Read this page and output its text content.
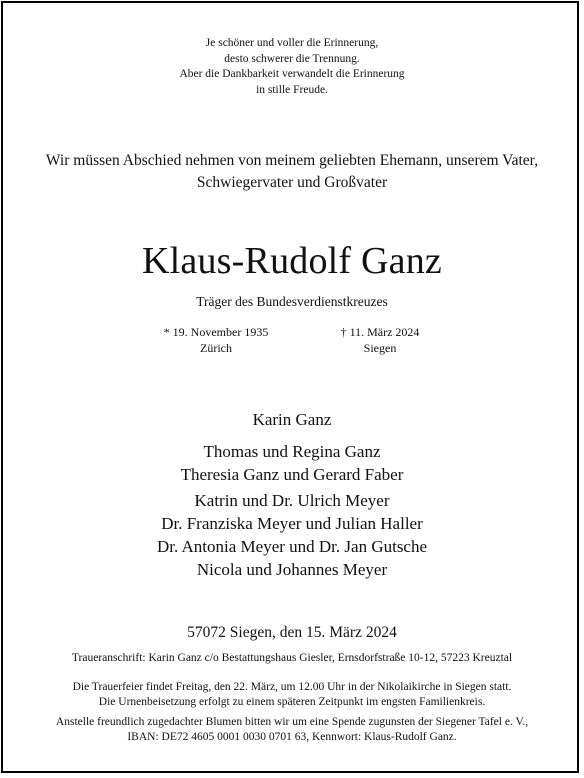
Je schöner und voller die Erinnerung,
desto schwerer die Trennung.
Aber die Dankbarkeit verwandelt die Erinnerung
in stille Freude.
Wir müssen Abschied nehmen von meinem geliebten Ehemann, unserem Vater,
Schwiegervater und Großvater
Klaus-Rudolf Ganz
Träger des Bundesverdienstkreuzes
* 19. November 1935
Zürich
† 11. März 2024
Siegen
Karin Ganz
Thomas und Regina Ganz
Theresia Ganz und Gerard Faber
Katrin und Dr. Ulrich Meyer
Dr. Franziska Meyer und Julian Haller
Dr. Antonia Meyer und Dr. Jan Gutsche
Nicola und Johannes Meyer
57072 Siegen, den 15. März 2024
Traueranschrift: Karin Ganz c/o Bestattungshaus Giesler, Ernsdorfstraße 10-12, 57223 Kreuztal
Die Trauerfeier findet Freitag, den 22. März, um 12.00 Uhr in der Nikolaikirche in Siegen statt.
Die Urnenbeisetzung erfolgt zu einem späteren Zeitpunkt im engsten Familienkreis.
Anstelle freundlich zugedachter Blumen bitten wir um eine Spende zugunsten der Siegener Tafel e. V.,
IBAN: DE72 4605 0001 0030 0701 63, Kennwort: Klaus-Rudolf Ganz.
